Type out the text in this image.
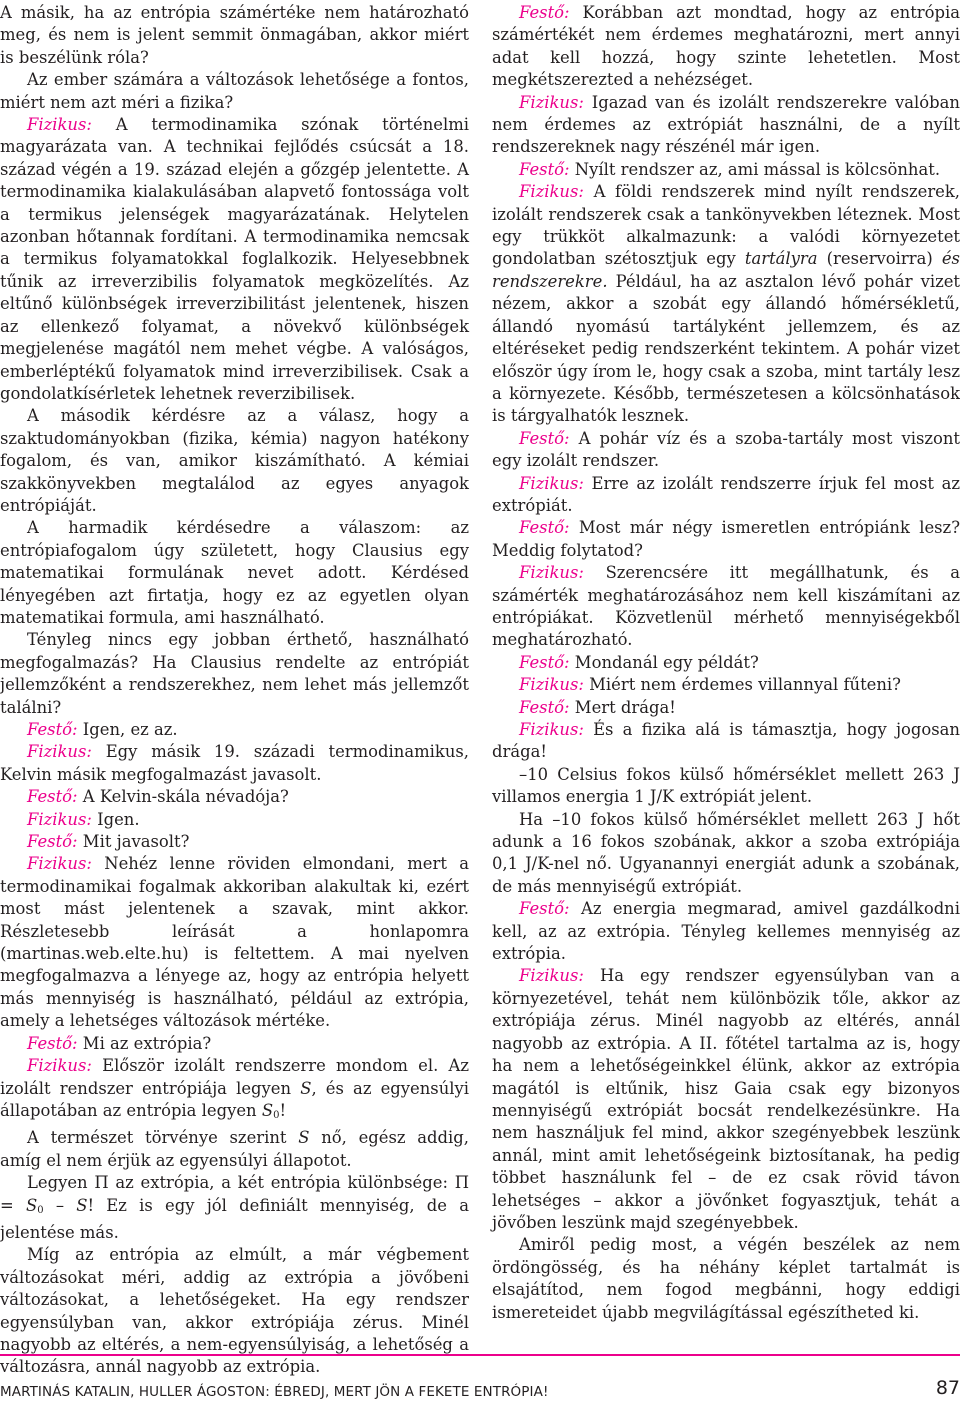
A másik, ha az entrópia számértéke nem határozható meg, és nem is jelent semmit önmagában, akkor miért is beszélünk róla?

Az ember számára a változások lehetősége a fontos, miért nem azt méri a fizika?

Fizikus: A termodinamika szónak történelmi magyarázata van. A technikai fejlődés csúcsát a 18. század végén a 19. század elején a gőzgép jelentette. A termodinamika kialakulásában alapvető fontossága volt a termikus jelenségek magyarázatának. Helytelen azonban hőtannak fordítani. A termodinamika nemcsak a termikus folyamatokkal foglalkozik. Helyesebbnek tűnik az irreverzibilis folyamatok megközelítés. Az eltűnő különbségek irreverzibilitást jelentenek, hiszen az ellenkező folyamat, a növekvő különbségek megjelenése magától nem mehet végbe. A valóságos, emberléptékű folyamatok mind irreverzibilisek. Csak a gondolatkísérletek lehetnek reverzibilisek.

A második kérdésre az a válasz, hogy a szaktudományokban (fizika, kémia) nagyon hatékony fogalom, és van, amikor kiszámítható. A kémiai szakkönyvekben megtalálod az egyes anyagok entrópiáját.

A harmadik kérdésedre a válaszom: az entrópiafogalom úgy született, hogy Clausius egy matematikai formulának nevet adott. Kérdésed lényegében azt firtatja, hogy ez az egyetlen olyan matematikai formula, ami használható.

Tényleg nincs egy jobban érthető, használható megfogalmazás? Ha Clausius rendelte az entrópiát jellemzőként a rendszerekhez, nem lehet más jellemzőt találni?

Festő: Igen, ez az.

Fizikus: Egy másik 19. századi termodinamikus, Kelvin másik megfogalmazást javasolt.

Festő: A Kelvin-skála névadója?

Fizikus: Igen.

Festő: Mit javasolt?

Fizikus: Nehéz lenne röviden elmondani, mert a termodinamikai fogalmak akkoriban alakultak ki, ezért most mást jelentenek a szavak, mint akkor. Részletesebb leírását a honlapomra (martinas.web.elte.hu) is feltettem. A mai nyelven megfogalmazva a lényege az, hogy az entrópia helyett más mennyiség is használható, például az extrópia, amely a lehetséges változások mértéke.

Festő: Mi az extrópia?

Fizikus: Először izolált rendszerre mondom el. Az izolált rendszer entrópiája legyen S, és az egyensúlyi állapotában az entrópia legyen $S_0$!

A természet törvénye szerint S nő, egész addig, amíg el nem érjük az egyensúlyi állapotot.

Legyen Π az extrópia, a két entrópia különbsége: $\Pi = S_0 - S$! Ez is egy jól definiált mennyiség, de a jelentése más.

Míg az entrópia az elmúlt, a már végbement változásokat méri, addig az extrópia a jövőbeni változásokat, a lehetőségeket. Ha egy rendszer egyensúlyban van, akkor extrópiája zérus. Minél nagyobb az eltérés, a nem-egyensúlyiság, a lehetőség a változásra, annál nagyobb az extrópia.

Festő: Korábban azt mondtad, hogy az entrópia számértékét nem érdemes meghatározni, mert annyi adat kell hozzá, hogy szinte lehetetlen. Most megkétszerezted a nehézséget.

Fizikus: Igazad van és izolált rendszerekre valóban nem érdemes az extrópiát használni, de a nyílt rendszereknek nagy részénél már igen.

Festő: Nyílt rendszer az, ami mással is kölcsönhat.

Fizikus: A földi rendszerek mind nyílt rendszerek, izolált rendszerek csak a tankönyvekben léteznek. Most egy trükköt alkalmazunk: a valódi környezetet gondolatban szétosztjuk egy tartályra (reservoirra) és rendszerekre. Például, ha az asztalon lévő pohár vizet nézem, akkor a szobát egy állandó hőmérsékletű, állandó nyomású tartályként jellemzem, és az eltéréseket pedig rendszerként tekintem. A pohár vizet először úgy írom le, hogy csak a szoba, mint tartály lesz a környezete. Később, természetesen a kölcsönhatások is tárgyalhatók lesznek.

Festő: A pohár víz és a szoba-tartály most viszont egy izolált rendszer.

Fizikus: Erre az izolált rendszerre írjuk fel most az extrópiát.

Festő: Most már négy ismeretlen entrópiánk lesz? Meddig folytatod?

Fizikus: Szerencsére itt megállhatunk, és a számérték meghatározásához nem kell kiszámítani az entrópiákat. Közvetlenül mérhető mennyiségekből meghatározható.

Festő: Mondanál egy példát?

Fizikus: Miért nem érdemes villannyal fűteni?

Festő: Mert drága!

Fizikus: És a fizika alá is támasztja, hogy jogosan drága!

–10 Celsius fokos külső hőmérséklet mellett 263 J villamos energia 1 J/K extrópiát jelent.

Ha –10 fokos külső hőmérséklet mellett 263 J hőt adunk a 16 fokos szobának, akkor a szoba extrópiája 0,1 J/K-nel nő. Ugyanannyi energiát adunk a szobának, de más mennyiségű extrópiát.

Festő: Az energia megmarad, amivel gazdálkodni kell, az az extrópia. Tényleg kellemes mennyiség az extrópia.

Fizikus: Ha egy rendszer egyensúlyban van a környezetével, tehát nem különbözik tőle, akkor az extrópiája zérus. Minél nagyobb az eltérés, annál nagyobb az extrópia. A II. főtétel tartalma az is, hogy ha nem a lehetőségeinkkel élünk, akkor az extrópia magától is eltűnik, hisz Gaia csak egy bizonyos mennyiségű extrópiát bocsát rendelkezésünkre. Ha nem használjuk fel mind, akkor szegényebbek leszünk annál, mint amit lehetőségeink biztosítanak, ha pedig többet használunk fel – de ez csak rövid távon lehetséges – akkor a jövőnket fogyasztjuk, tehát a jövőben leszünk majd szegényebbek.

Amiről pedig most, a végén beszélek az nem ördöngösség, és ha néhány képlet tartalmát is elsajátítod, nem fogod megbánni, hogy eddigi ismereteidet újabb megvilágítással egészítheted ki.

MARTINÁS KATALIN, HULLER ÁGOSTON: ÉBREDJ, MERT JÖN A FEKETE ENTRÓPIA!	87
